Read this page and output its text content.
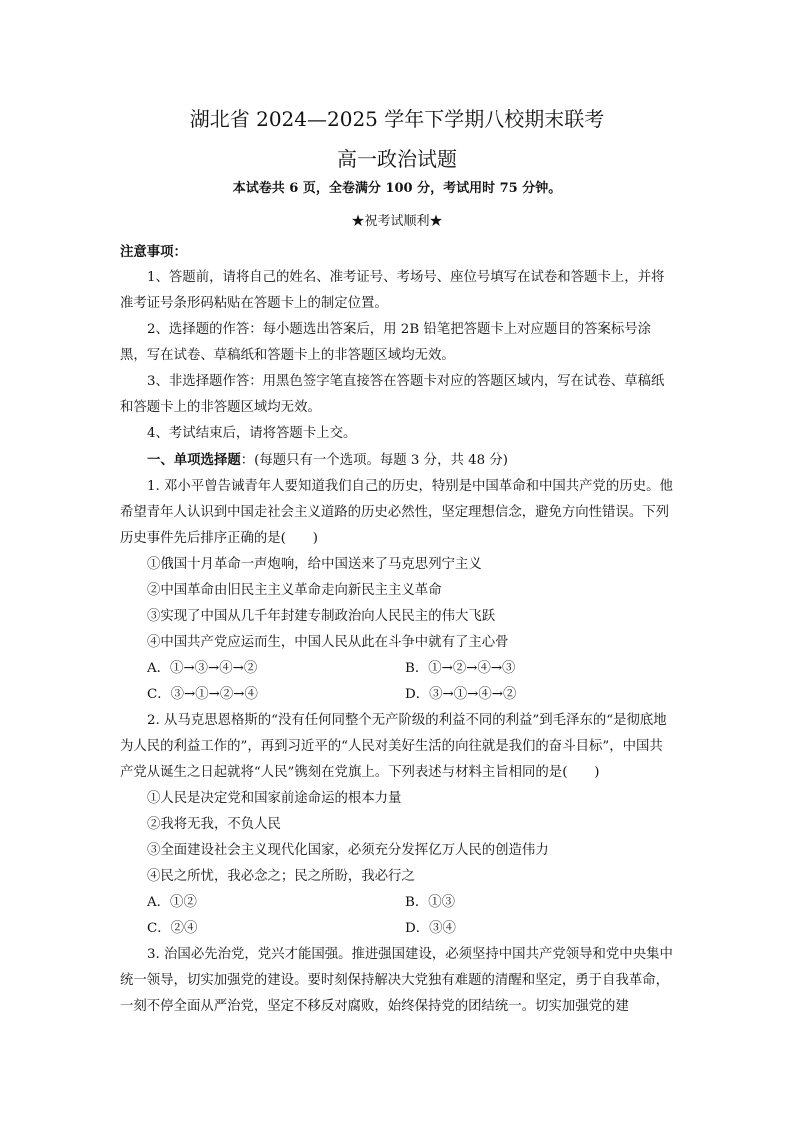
湖北省 2024—2025 学年下学期八校期末联考
高一政治试题
本试卷共 6 页，全卷满分 100 分，考试用时 75 分钟。
★祝考试顺利★

注意事项：

1、答题前，请将自己的姓名、准考证号、考场号、座位号填写在试卷和答题卡上，并将准考证号条形码粘贴在答题卡上的制定位置。

2、选择题的作答：每小题选出答案后，用 2B 铅笔把答题卡上对应题目的答案标号涂黑，写在试卷、草稿纸和答题卡上的非答题区域均无效。

3、非选择题作答：用黑色签字笔直接答在答题卡对应的答题区域内，写在试卷、草稿纸和答题卡上的非答题区域均无效。

4、考试结束后，请将答题卡上交。

一、单项选择题：(每题只有一个选项。每题 3 分，共 48 分)

1. 邓小平曾告诫青年人要知道我们自己的历史，特别是中国革命和中国共产党的历史。他希望青年人认识到中国走社会主义道路的历史必然性，坚定理想信念，避免方向性错误。下列历史事件先后排序正确的是(　　)

①俄国十月革命一声炮响，给中国送来了马克思列宁主义

②中国革命由旧民主主义革命走向新民主主义革命

③实现了中国从几千年封建专制政治向人民民主的伟大飞跃

④中国共产党应运而生，中国人民从此在斗争中就有了主心骨

A．①→③→④→②	B．①→②→④→③
C．③→①→②→④	D．③→①→④→②

2. 从马克思恩格斯的“没有任何同整个无产阶级的利益不同的利益”到毛泽东的“是彻底地为人民的利益工作的”，再到习近平的“人民对美好生活的向往就是我们的奋斗目标”，中国共产党从诞生之日起就将“人民”镌刻在党旗上。下列表述与材料主旨相同的是(　　)

①人民是决定党和国家前途命运的根本力量

②我将无我，不负人民

③全面建设社会主义现代化国家，必须充分发挥亿万人民的创造伟力

④民之所忧，我必念之；民之所盼，我必行之

A．①②	B．①③
C．②④	D．③④

3. 治国必先治党，党兴才能国强。推进强国建设，必须坚持中国共产党领导和党中央集中统一领导，切实加强党的建设。要时刻保持解决大党独有难题的清醒和坚定，勇于自我革命，一刻不停全面从严治党，坚定不移反对腐败，始终保持党的团结统一。切实加强党的建
